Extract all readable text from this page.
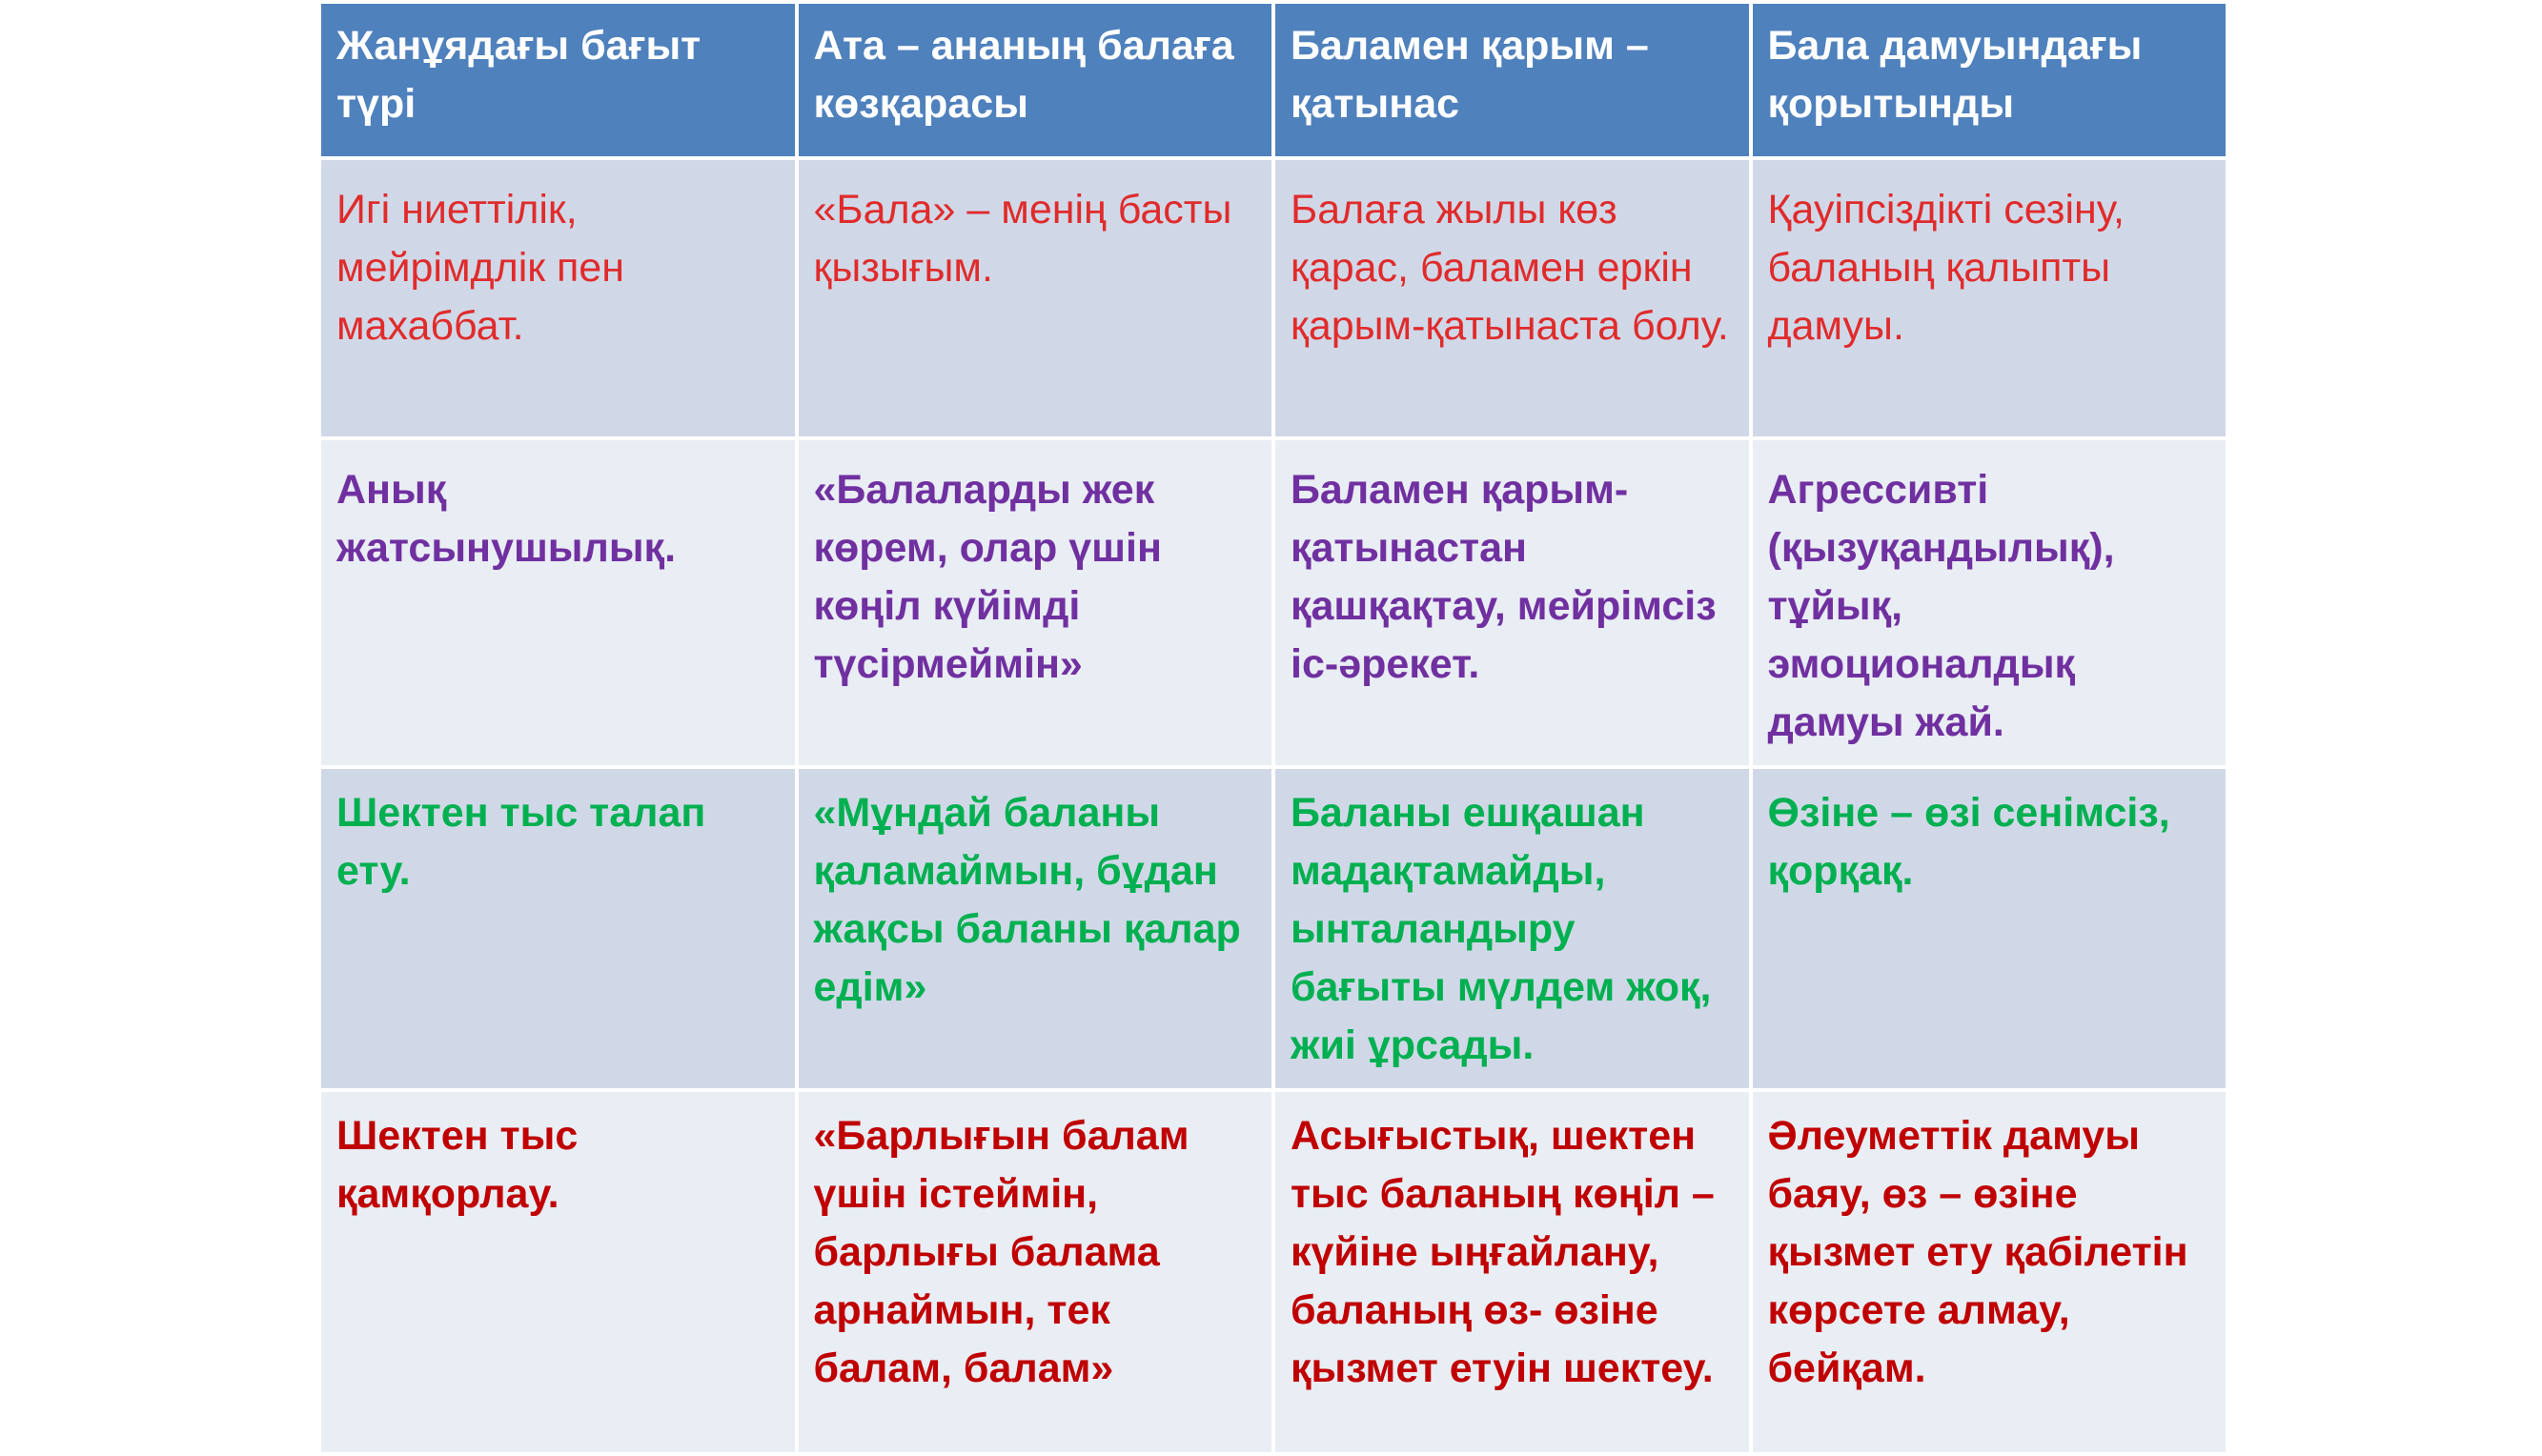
Жанұядағы бағыт түрі	Ата – ананың балаға көзқарасы	Баламен қарым – қатынас	Бала дамуындағы қорытынды
Игі ниеттілік, мейрімдлік пен махаббат.	«Бала» – менің басты қызығым.	Балаға жылы көз қарас, баламен еркін қарым-қатынаста болу.	Қауіпсіздікті сезіну, баланың қалыпты дамуы.
Анық жатсынушылық.	«Балаларды жек көрем, олар үшін көңіл күйімді түсірмеймін»	Баламен қарым-қатынастан қашқақтау, мейрімсіз іс-әрекет.	Агрессивті (қызуқандылық), тұйық, эмоционалдық дамуы жай.
Шектен тыс талап ету.	«Мұндай баланы қаламаймын, бұдан жақсы баланы қалар едім»	Баланы ешқашан мадақтамайды, ынталандыру бағыты мүлдем жоқ, жиі ұрсады.	Өзіне – өзі сенімсіз, қорқақ.
Шектен тыс қамқорлау.	«Барлығын балам үшін істеймін, барлығы балама арнаймын, тек балам, балам»	Асығыстық, шектен тыс баланың көңіл – күйіне ыңғайлану, баланың өз- өзіне қызмет етуін шектеу.	Әлеуметтік дамуы баяу, өз – өзіне қызмет ету қабілетін көрсете алмау, бейқам.
